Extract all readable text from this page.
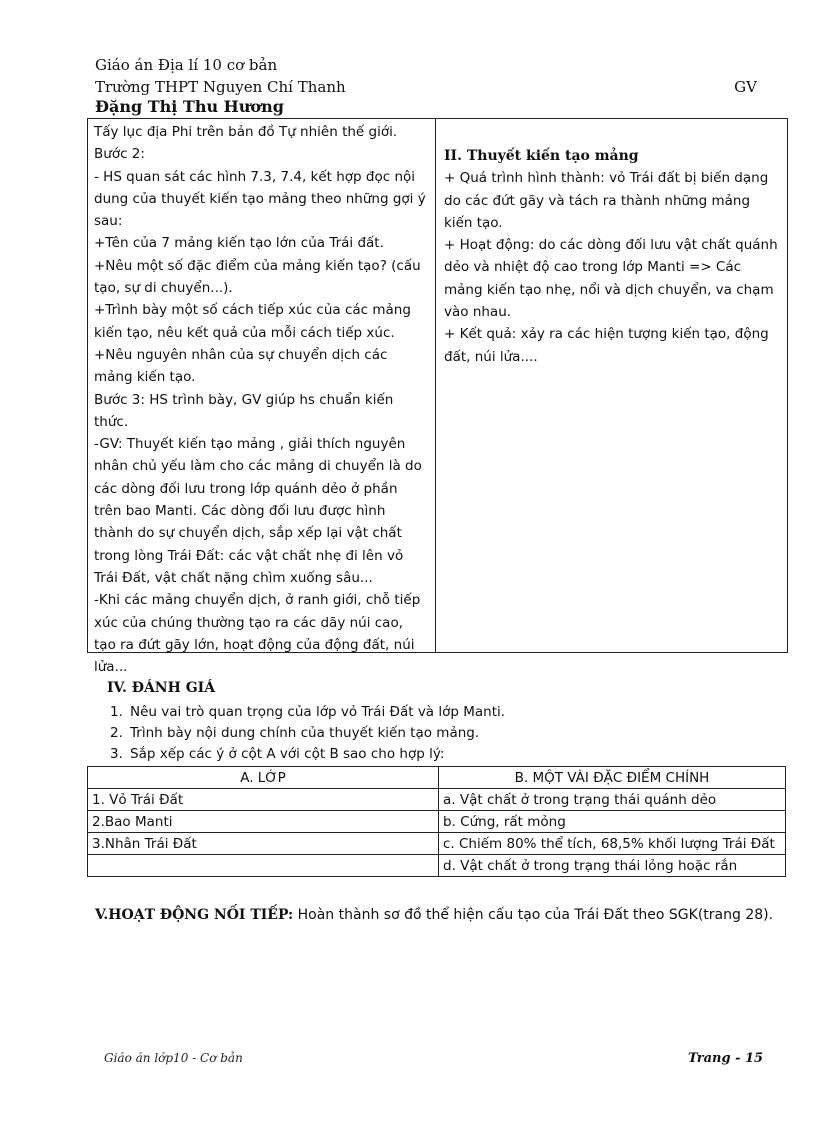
Giáo án Địa lí 10 cơ bản
Trường THPT Nguyen Chí Thanh	GV
Đặng Thị Thu Hương

Tấy lục địa Phi trên bản đồ Tự nhiên thế giới.

Bước 2:

- HS quan sát các hình 7.3, 7.4, kết hợp đọc nội dung của thuyết kiến tạo mảng theo những gợi ý sau:

+Tên của 7 mảng kiến tạo lớn của Trái đất.

+Nêu một số đặc điểm của mảng kiến tạo? (cấu tạo, sự di chuyển...).

+Trình bày một số cách tiếp xúc của các mảng kiến tạo, nêu kết quả của mỗi cách tiếp xúc.

+Nêu nguyên nhân của sự chuyển dịch các mảng kiến tạo.

Bước 3: HS trình bày, GV giúp hs chuẩn kiến thức.

-GV: Thuyết kiến tạo mảng , giải thích nguyên nhân chủ yếu làm cho các mảng di chuyển là do các dòng đối lưu trong lớp quánh dẻo ở phần trên bao Manti. Các dòng đối lưu được hình thành do sự chuyển dịch, sắp xếp lại vật chất trong lòng Trái Đất: các vật chất nhẹ đi lên vỏ Trái Đất, vật chất nặng chìm xuống sâu...

-Khi các mảng chuyển dịch, ở ranh giới, chỗ tiếp xúc của chúng thường tạo ra các dãy núi cao, tạo ra đứt gãy lớn, hoạt động của động đất, núi lửa...

II. Thuyết kiến tạo mảng

+ Quá trình hình thành: vỏ Trái đất bị biến dạng do các đứt gãy và tách ra thành những mảng kiến tạo.

+ Hoạt động: do các dòng đối lưu vật chất quánh dẻo và nhiệt độ cao trong lớp Manti => Các mảng kiến tạo nhẹ, nổi và dịch chuyển, va chạm vào nhau.

+ Kết quả: xảy ra các hiện tượng kiến tạo, động đất, núi lửa....

IV. ĐÁNH GIÁ
1. Nêu vai trò quan trọng của lớp vỏ Trái Đất và lớp Manti.
2. Trình bày nội dung chính của thuyết kiến tạo mảng.
3. Sắp xếp các ý ở cột A với cột B sao cho hợp lý:
A. LỚP	B. MỘT VÀI ĐẶC ĐIỂM CHÍNH
1. Vỏ Trái Đất	a. Vật chất ở trong trạng thái quánh dẻo
2.Bao Manti	b. Cứng, rất mỏng
3.Nhân Trái Đất	c. Chiếm 80% thể tích, 68,5% khối lượng Trái Đất
	d. Vật chất ở trong trạng thái lỏng hoặc rắn
V.HOẠT ĐỘNG NỐI TIẾP: Hoàn thành sơ đồ thể hiện cấu tạo của Trái Đất theo SGK(trang 28).
Giáo án lớp10 - Cơ bản	Trang - 15
